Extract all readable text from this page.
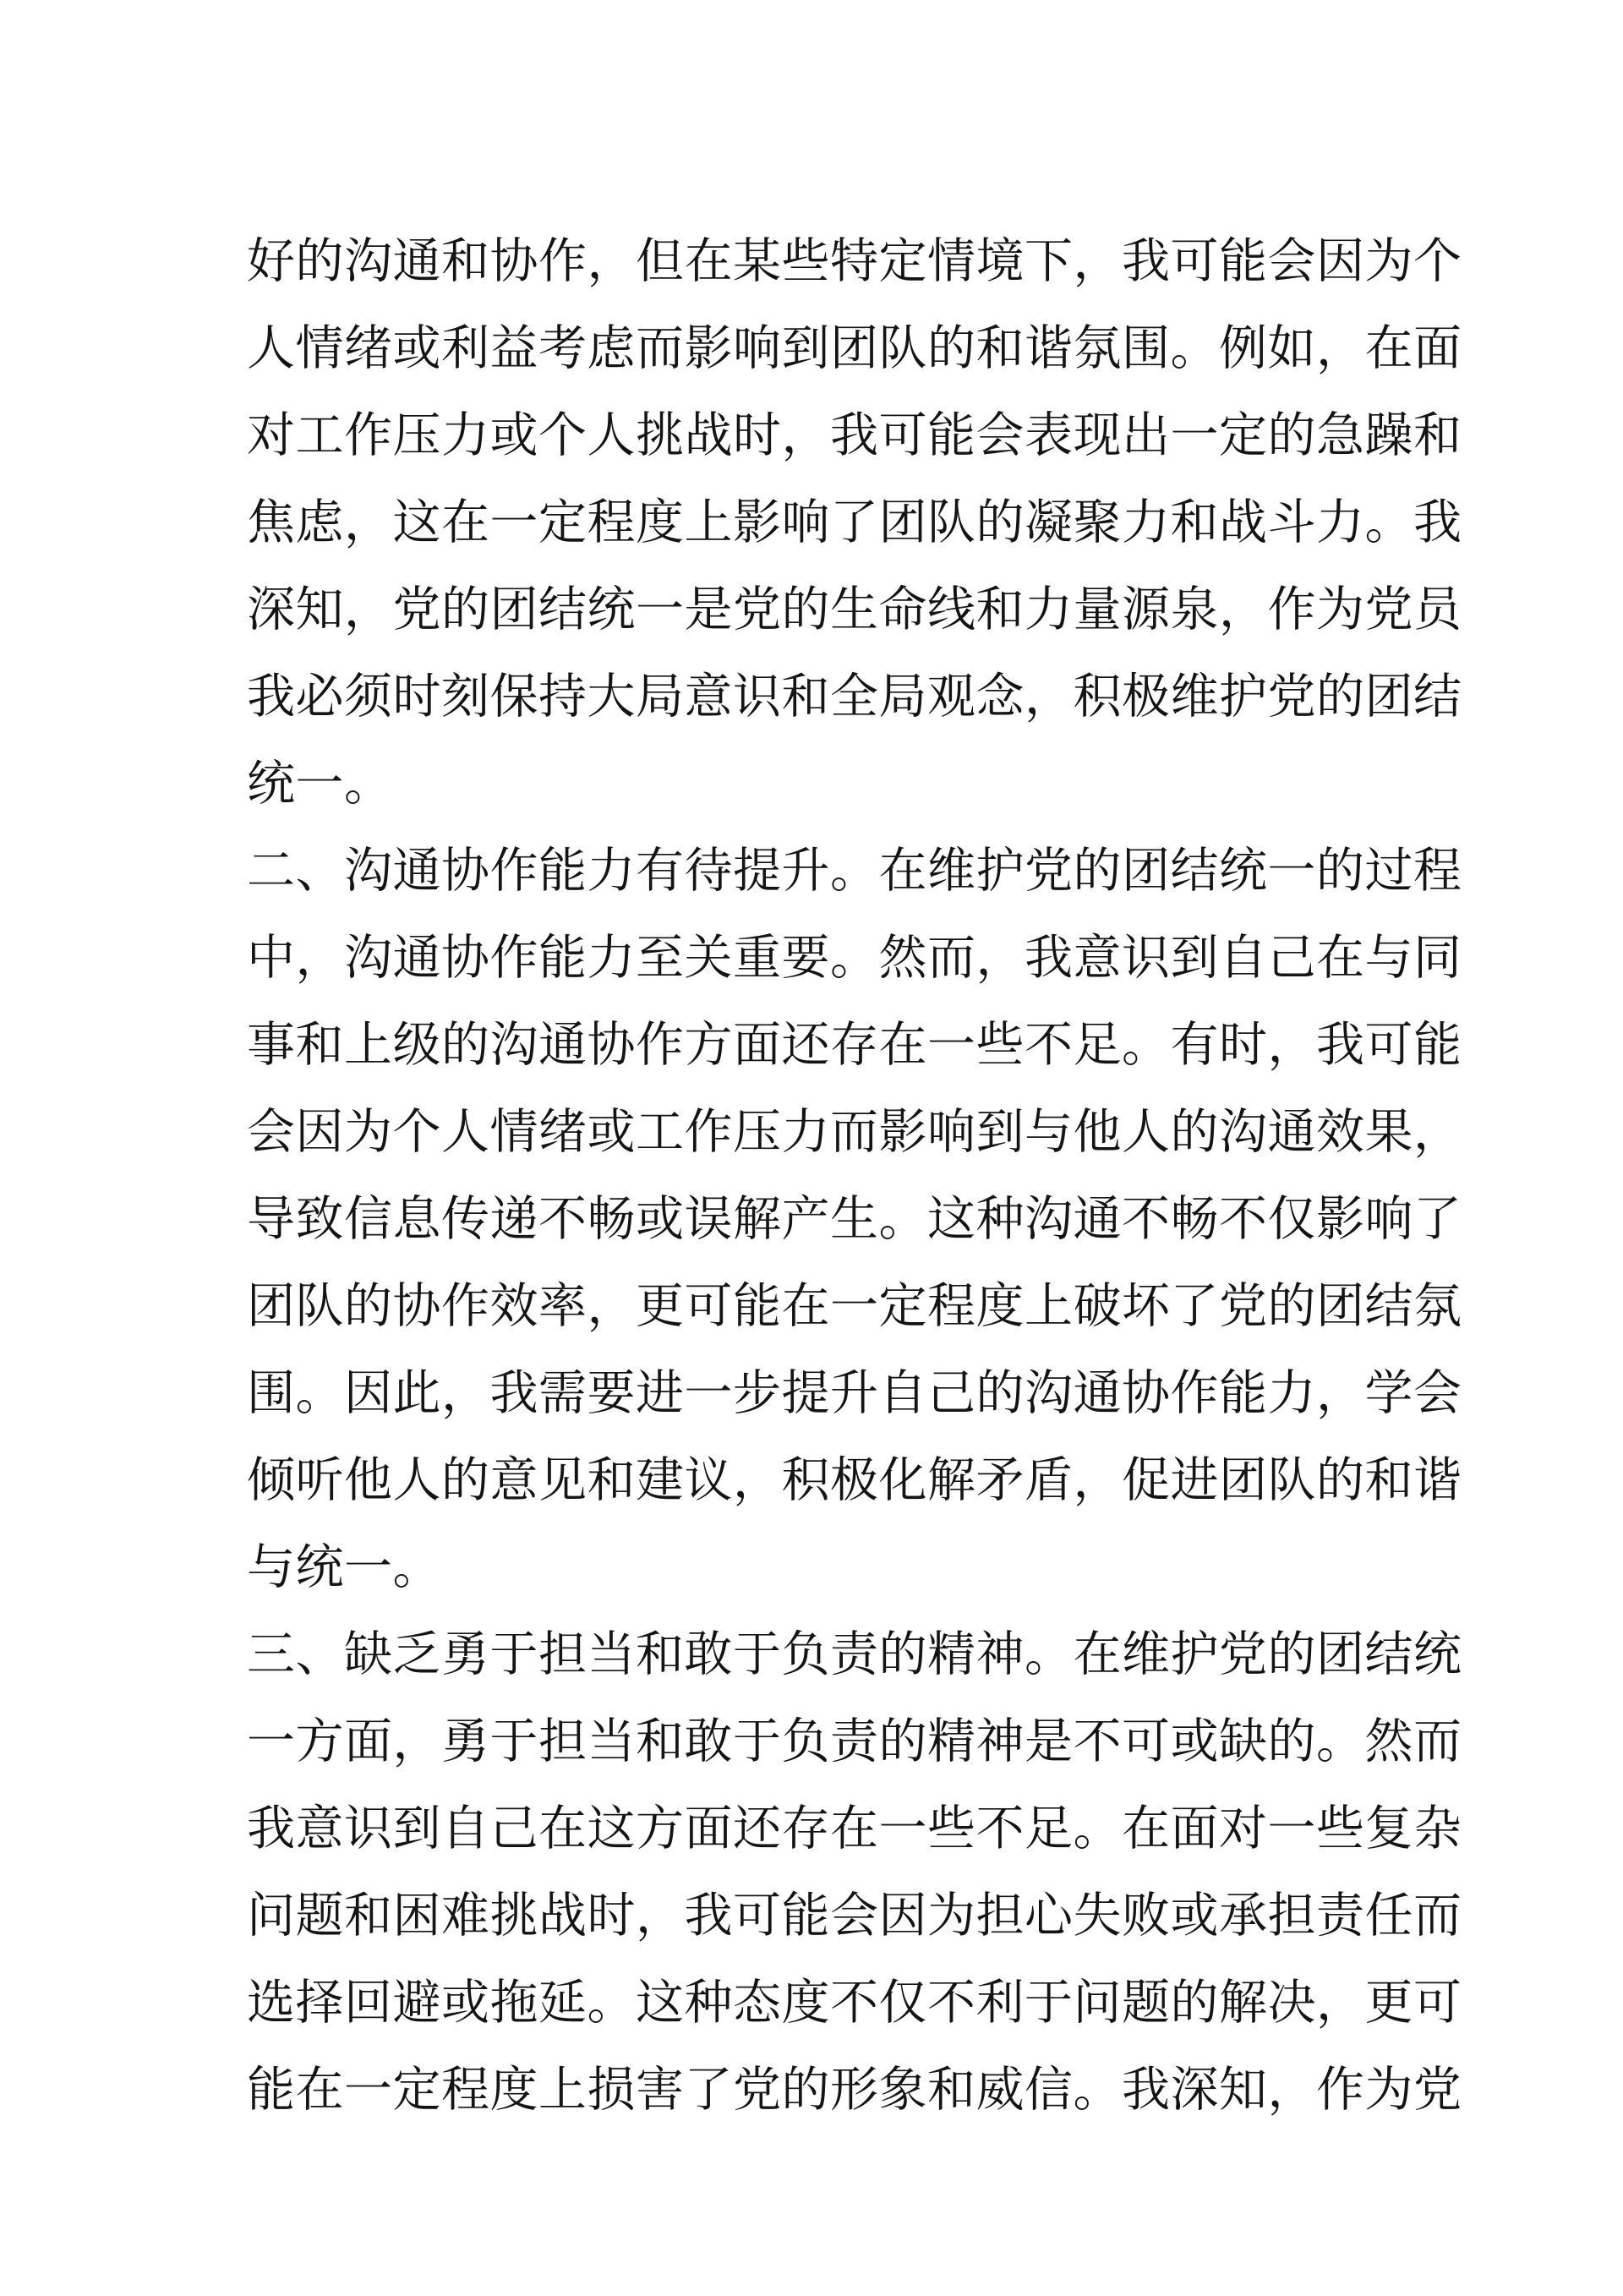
好的沟通和协作，但在某些特定情境下，我可能会因为个
人情绪或利益考虑而影响到团队的和谐氛围。例如，在面
对工作压力或个人挑战时，我可能会表现出一定的急躁和
焦虑，这在一定程度上影响了团队的凝聚力和战斗力。我
深知，党的团结统一是党的生命线和力量源泉，作为党员
我必须时刻保持大局意识和全局观念，积极维护党的团结
统一。
二、沟通协作能力有待提升。在维护党的团结统一的过程
中，沟通协作能力至关重要。然而，我意识到自己在与同
事和上级的沟通协作方面还存在一些不足。有时，我可能
会因为个人情绪或工作压力而影响到与他人的沟通效果，
导致信息传递不畅或误解产生。这种沟通不畅不仅影响了
团队的协作效率，更可能在一定程度上破坏了党的团结氛
围。因此，我需要进一步提升自己的沟通协作能力，学会
倾听他人的意见和建议，积极化解矛盾，促进团队的和谐
与统一。
三、缺乏勇于担当和敢于负责的精神。在维护党的团结统
一方面，勇于担当和敢于负责的精神是不可或缺的。然而
我意识到自己在这方面还存在一些不足。在面对一些复杂
问题和困难挑战时，我可能会因为担心失败或承担责任而
选择回避或拖延。这种态度不仅不利于问题的解决，更可
能在一定程度上损害了党的形象和威信。我深知，作为党
